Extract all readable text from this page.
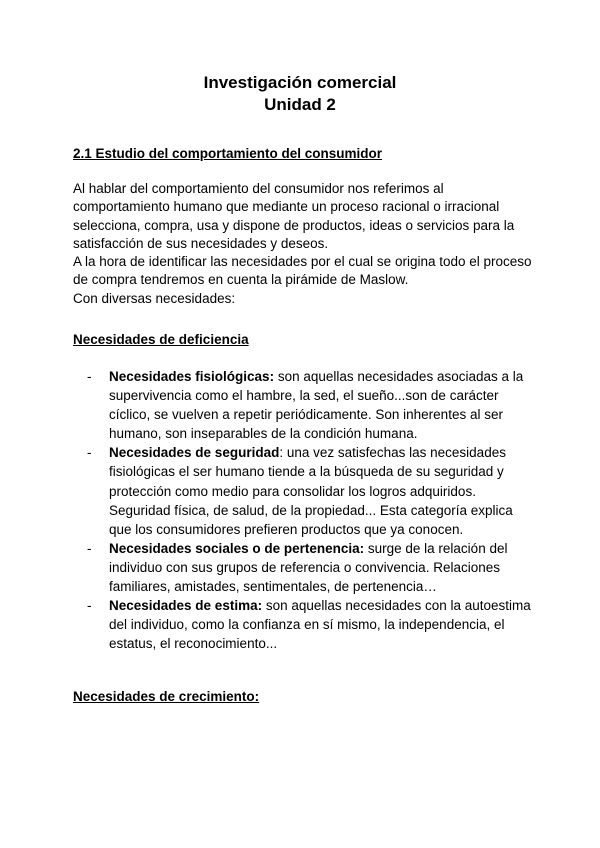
Investigación comercial
Unidad 2
2.1 Estudio del comportamiento del consumidor

Al hablar del comportamiento del consumidor nos referimos al comportamiento humano que mediante un proceso racional o irracional selecciona, compra, usa y dispone de productos, ideas o servicios para la satisfacción de sus necesidades y deseos.

A la hora de identificar las necesidades por el cual se origina todo el proceso de compra tendremos en cuenta la pirámide de Maslow.

Con diversas necesidades:

Necesidades de deficiencia
- Necesidades fisiológicas: son aquellas necesidades asociadas a la supervivencia como el hambre, la sed, el sueño...son de carácter cíclico, se vuelven a repetir periódicamente. Son inherentes al ser humano, son inseparables de la condición humana.
- Necesidades de seguridad: una vez satisfechas las necesidades fisiológicas el ser humano tiende a la búsqueda de su seguridad y protección como medio para consolidar los logros adquiridos. Seguridad física, de salud, de la propiedad... Esta categoría explica que los consumidores prefieren productos que ya conocen.
- Necesidades sociales o de pertenencia: surge de la relación del individuo con sus grupos de referencia o convivencia. Relaciones familiares, amistades, sentimentales, de pertenencia…
- Necesidades de estima: son aquellas necesidades con la autoestima del individuo, como la confianza en sí mismo, la independencia, el estatus, el reconocimiento...
Necesidades de crecimiento:
